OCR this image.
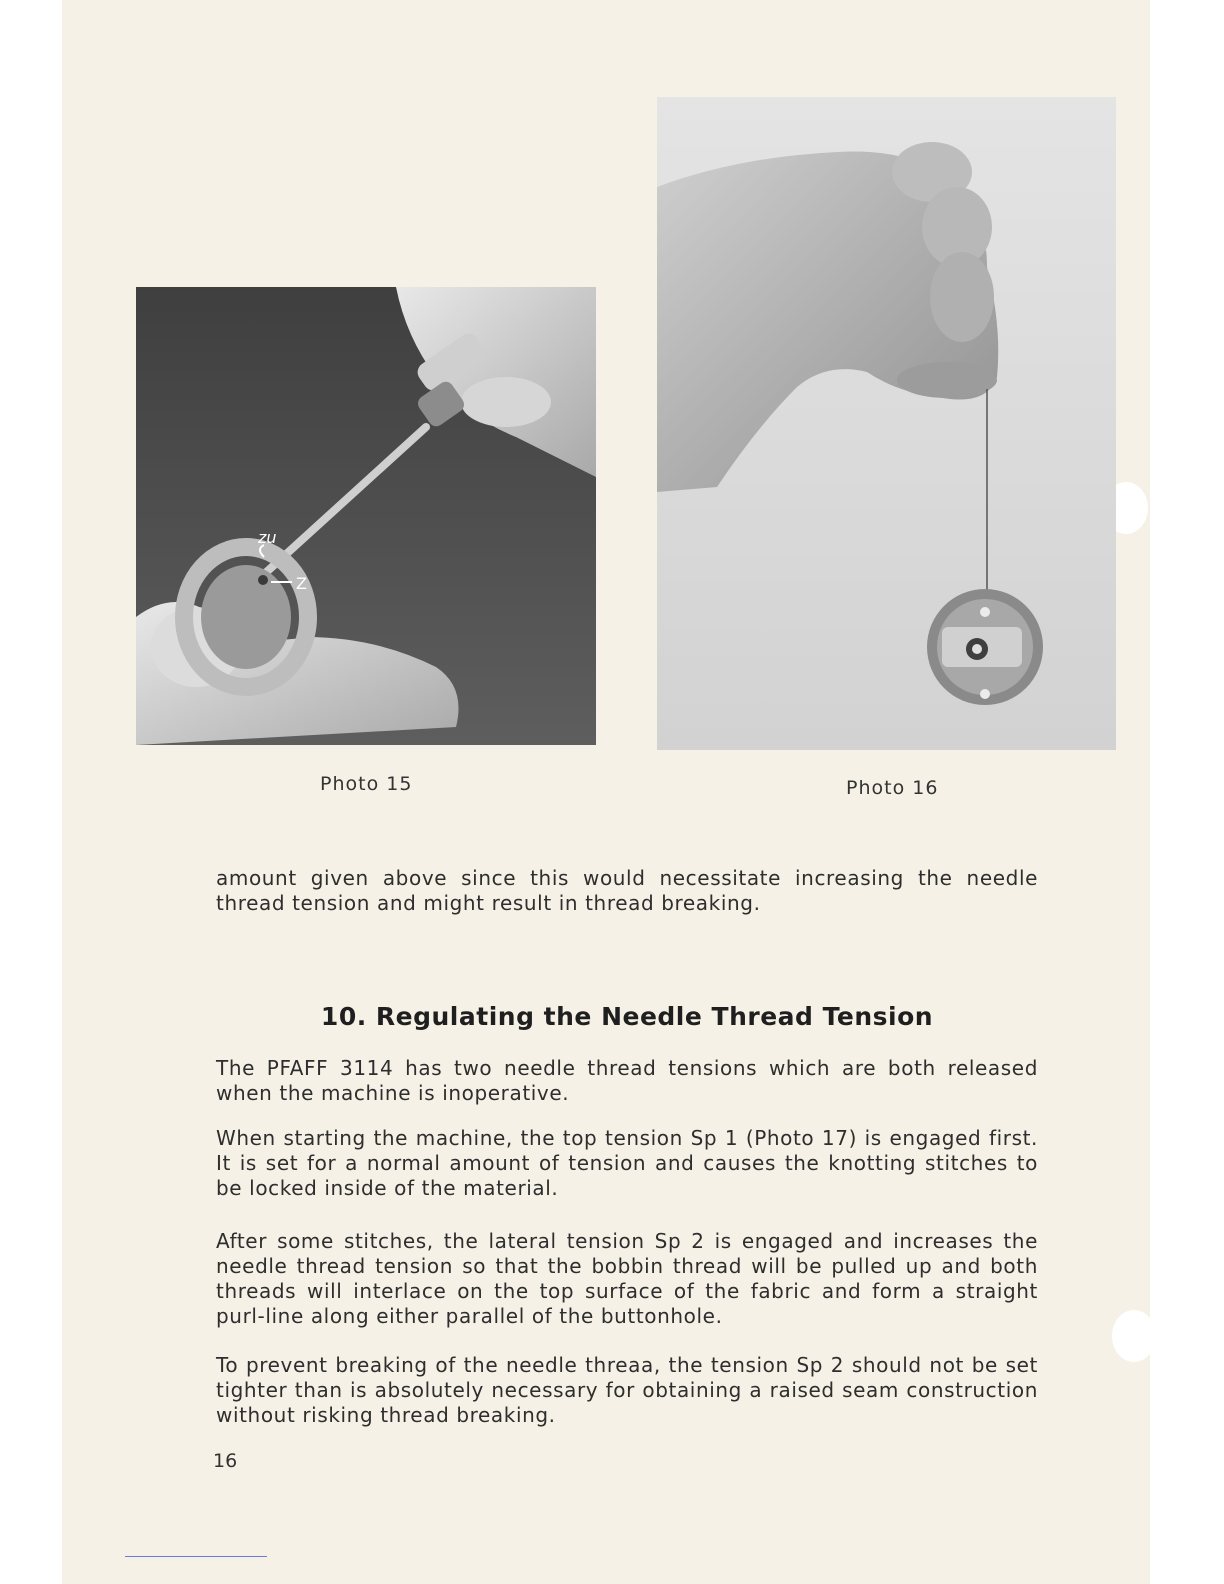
zu
Z
Photo 15	Photo 16
amount given above since this would necessitate increasing the needle thread tension and might result in thread breaking.
10. Regulating the Needle Thread Tension
The PFAFF 3114 has two needle thread tensions which are both released when the machine is inoperative.
When starting the machine, the top tension Sp 1 (Photo 17) is engaged first. It is set for a normal amount of tension and causes the knotting stitches to be locked inside of the material.
After some stitches, the lateral tension Sp 2 is engaged and increases the needle thread tension so that the bobbin thread will be pulled up and both threads will interlace on the top surface of the fabric and form a straight purl-line along either parallel of the buttonhole.
To prevent breaking of the needle threaa, the tension Sp 2 should not be set tighter than is absolutely necessary for obtaining a raised seam construction without risking thread breaking.
16
